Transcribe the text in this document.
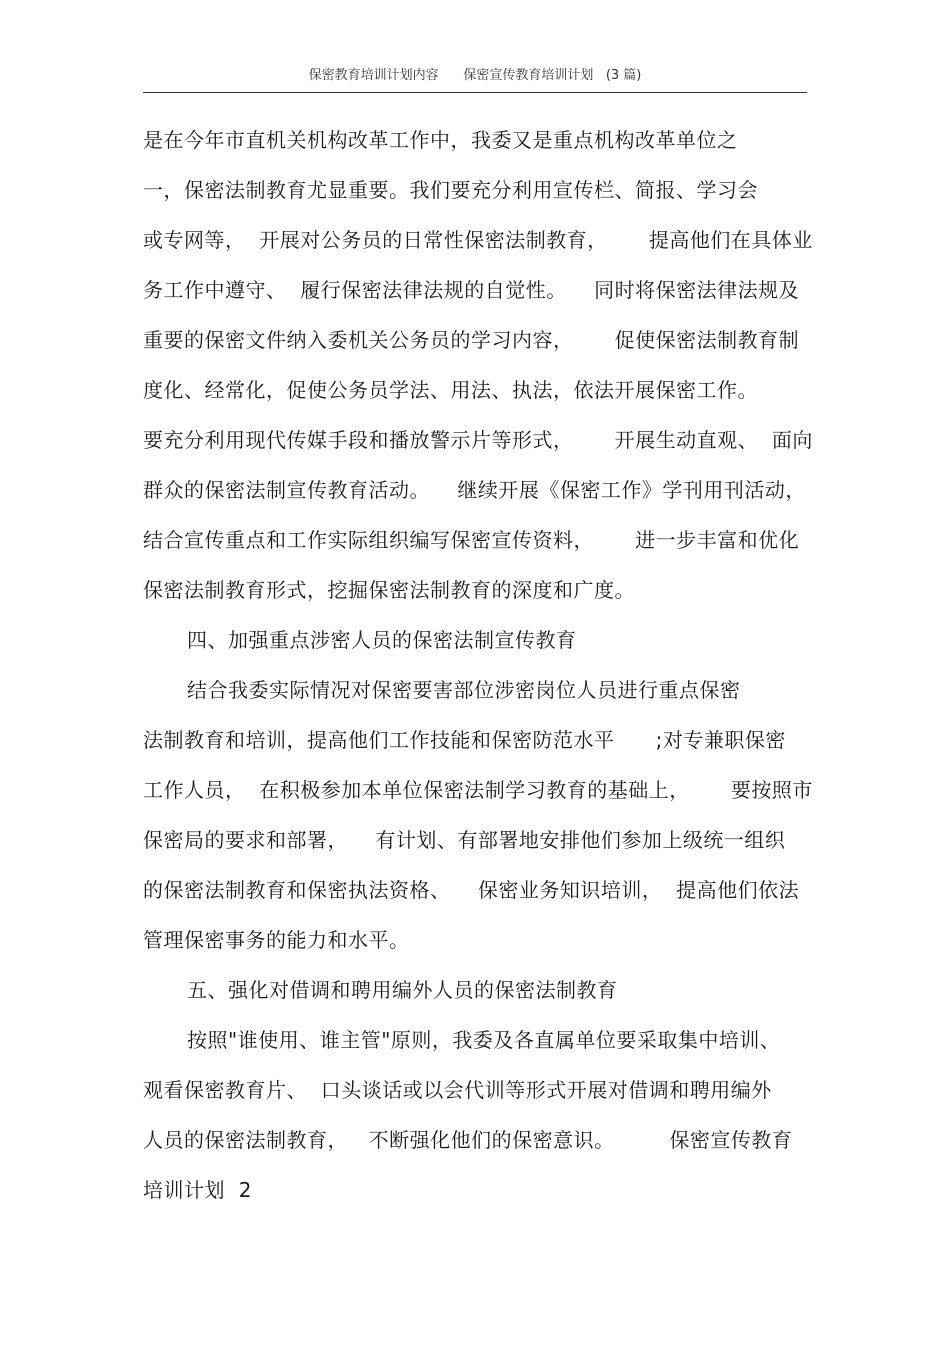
保密教育培训计划内容 保密宣传教育培训计划 (3 篇)
是在今年市直机关机构改革工作中，我委又是重点机构改革单位之
一，保密法制教育尤显重要。我们要充分利用宣传栏、简报、学习会
或专网等，  开展对公务员的日常性保密法制教育，      提高他们在具体业
务工作中遵守、  履行保密法律法规的自觉性。    同时将保密法律法规及
重要的保密文件纳入委机关公务员的学习内容，      促使保密法制教育制
度化、经常化，促使公务员学法、用法、执法，依法开展保密工作。
要充分利用现代传媒手段和播放警示片等形式，      开展生动直观、  面向
群众的保密法制宣传教育活动。    继续开展《保密工作》学刊用刊活动，
结合宣传重点和工作实际组织编写保密宣传资料，      进一步丰富和优化
保密法制教育形式，挖掘保密法制教育的深度和广度。
四、加强重点涉密人员的保密法制宣传教育
结合我委实际情况对保密要害部位涉密岗位人员进行重点保密
法制教育和培训，提高他们工作技能和保密防范水平      ;对专兼职保密
工作人员，  在积极参加本单位保密法制学习教育的基础上，      要按照市
保密局的要求和部署，    有计划、有部署地安排他们参加上级统一组织
的保密法制教育和保密执法资格、    保密业务知识培训，  提高他们依法
管理保密事务的能力和水平。
五、强化对借调和聘用编外人员的保密法制教育
按照"谁使用、谁主管"原则，我委及各直属单位要采取集中培训、
观看保密教育片、  口头谈话或以会代训等形式开展对借调和聘用编外
人员的保密法制教育，   不断强化他们的保密意识。        保密宣传教育
培训计划  2
